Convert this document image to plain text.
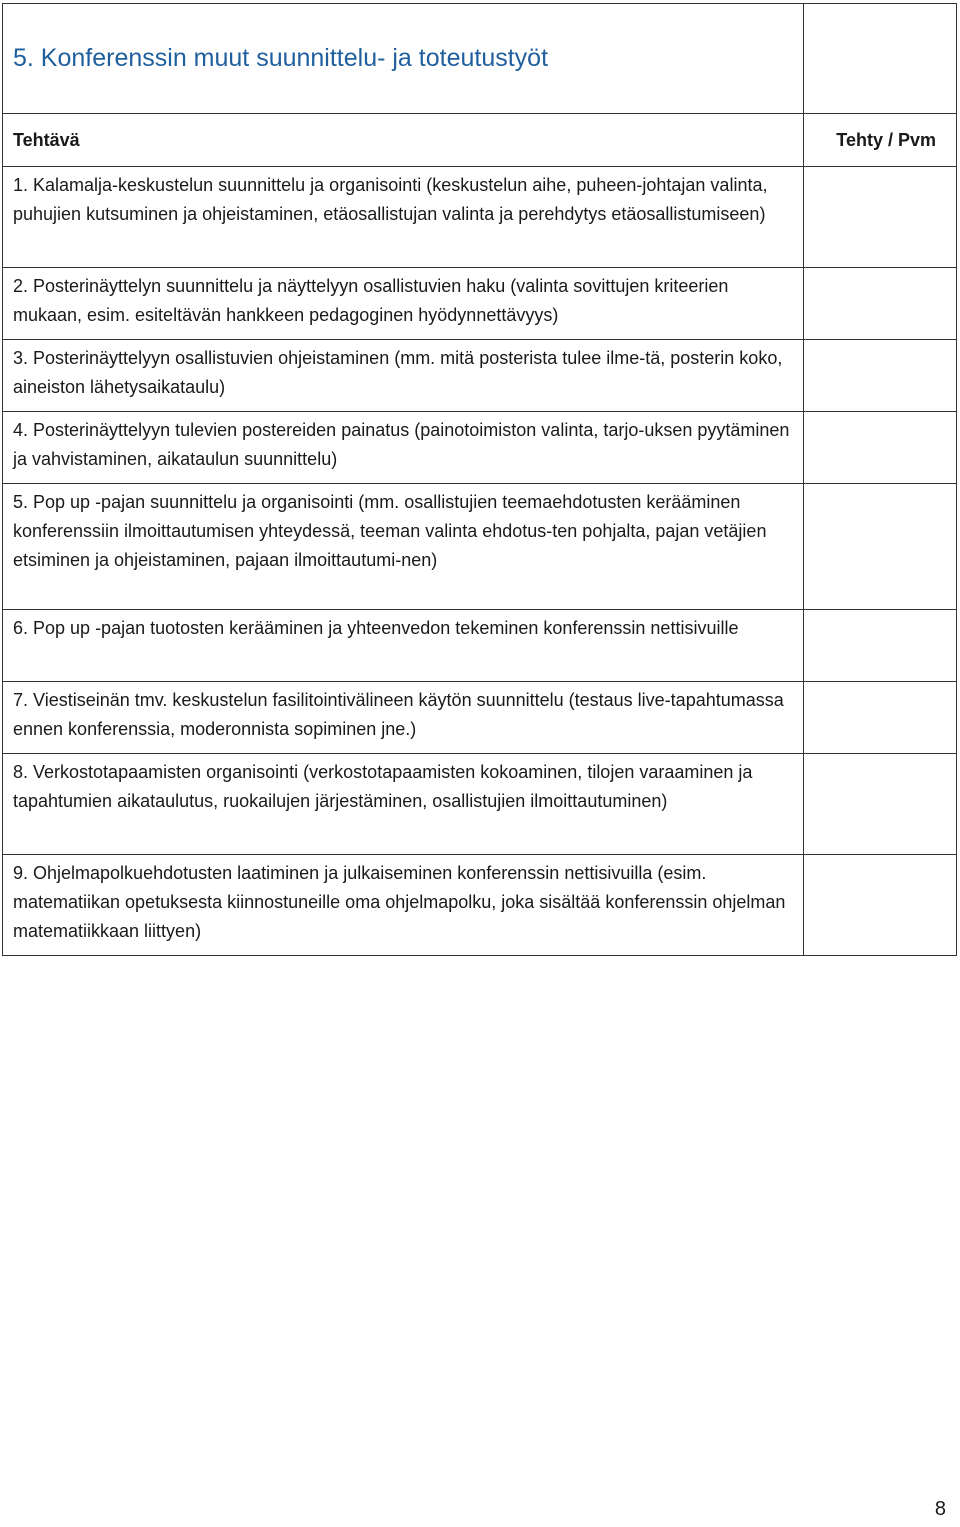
5. Konferenssin muut suunnittelu- ja toteutustyöt	
Tehtävä	Tehty / Pvm
1. Kalamalja-keskustelun suunnittelu ja organisointi (keskustelun aihe, puheen-johtajan valinta, puhujien kutsuminen ja ohjeistaminen, etäosallistujan valinta ja perehdytys etäosallistumiseen)	
2. Posterinäyttelyn suunnittelu ja näyttelyyn osallistuvien haku (valinta sovittujen kriteerien mukaan, esim. esiteltävän hankkeen pedagoginen hyödynnettävyys)	
3. Posterinäyttelyyn osallistuvien ohjeistaminen (mm. mitä posterista tulee ilme-tä, posterin koko, aineiston lähetysaikataulu)	
4. Posterinäyttelyyn tulevien postereiden painatus (painotoimiston valinta, tarjo-uksen pyytäminen ja vahvistaminen, aikataulun suunnittelu)	
5. Pop up -pajan suunnittelu ja organisointi (mm. osallistujien teemaehdotusten kerääminen konferenssiin ilmoittautumisen yhteydessä, teeman valinta ehdotus-ten pohjalta, pajan vetäjien etsiminen ja ohjeistaminen, pajaan ilmoittautumi-nen)	
6. Pop up -pajan tuotosten kerääminen ja yhteenvedon tekeminen konferenssin nettisivuille	
7. Viestiseinän tmv. keskustelun fasilitointivälineen käytön suunnittelu (testaus live-tapahtumassa ennen konferenssia, moderonnista sopiminen jne.)	
8. Verkostotapaamisten organisointi (verkostotapaamisten kokoaminen, tilojen varaaminen ja tapahtumien aikataulutus, ruokailujen järjestäminen, osallistujien ilmoittautuminen)	
9. Ohjelmapolkuehdotusten laatiminen ja julkaiseminen konferenssin nettisivuilla (esim. matematiikan opetuksesta kiinnostuneille oma ohjelmapolku, joka sisältää konferenssin ohjelman matematiikkaan liittyen)	
8
